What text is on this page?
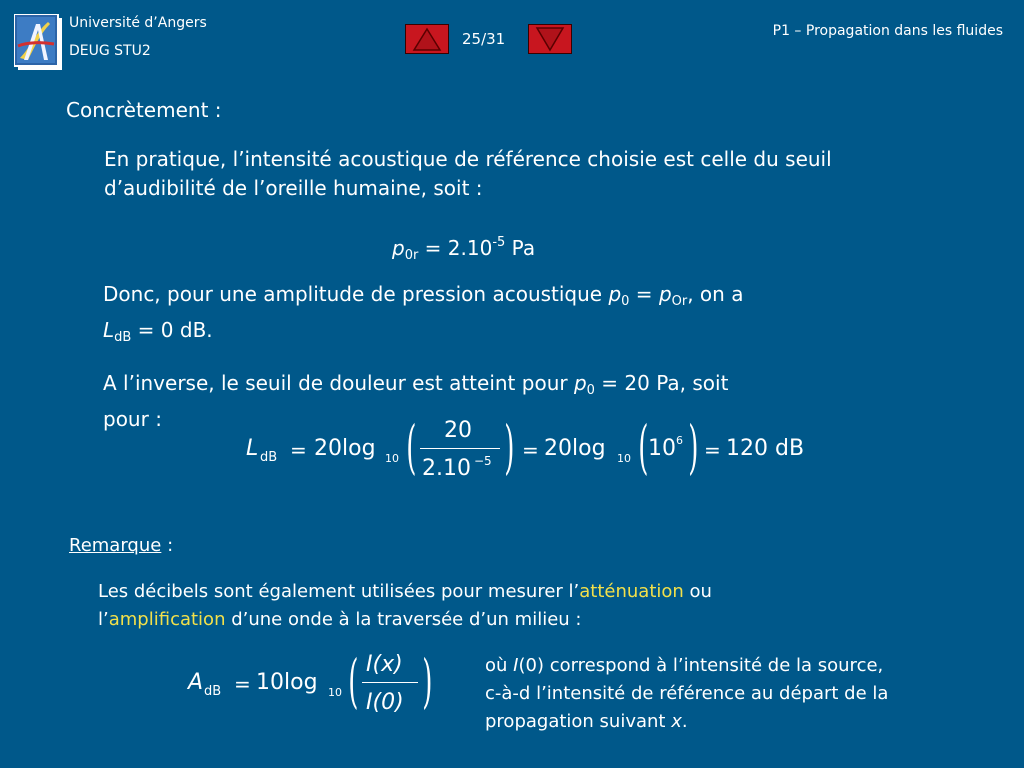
Université d’Angers
DEUG STU2
25/31	P1 – Propagation dans les fluides
Concrètement :
En pratique, l’intensité acoustique de référence choisie est celle du seuil d’audibilité de l’oreille humaine, soit :
$p_{0r} = 2.10^{-5}$ Pa
Donc, pour une amplitude de pression acoustique $p_0 = p_{Or}$, on a
$L_{dB} = 0$ dB.
A l’inverse, le seuil de douleur est atteint pour $p_0 = 20$ Pa, soit
pour :
L dB = 20log 10 ( 20
2.10 −5 ) = 20log 10 ( 10 6 ) = 120 dB
Remarque :
Les décibels sont également utilisées pour mesurer l’atténuation ou
l’amplification d’une onde à la traversée d’un milieu :
A dB = 10log 10 ( I(x)
I(0) )	où I(0) correspond à l’intensité de la source,
c-à-d l’intensité de référence au départ de la
propagation suivant x.
